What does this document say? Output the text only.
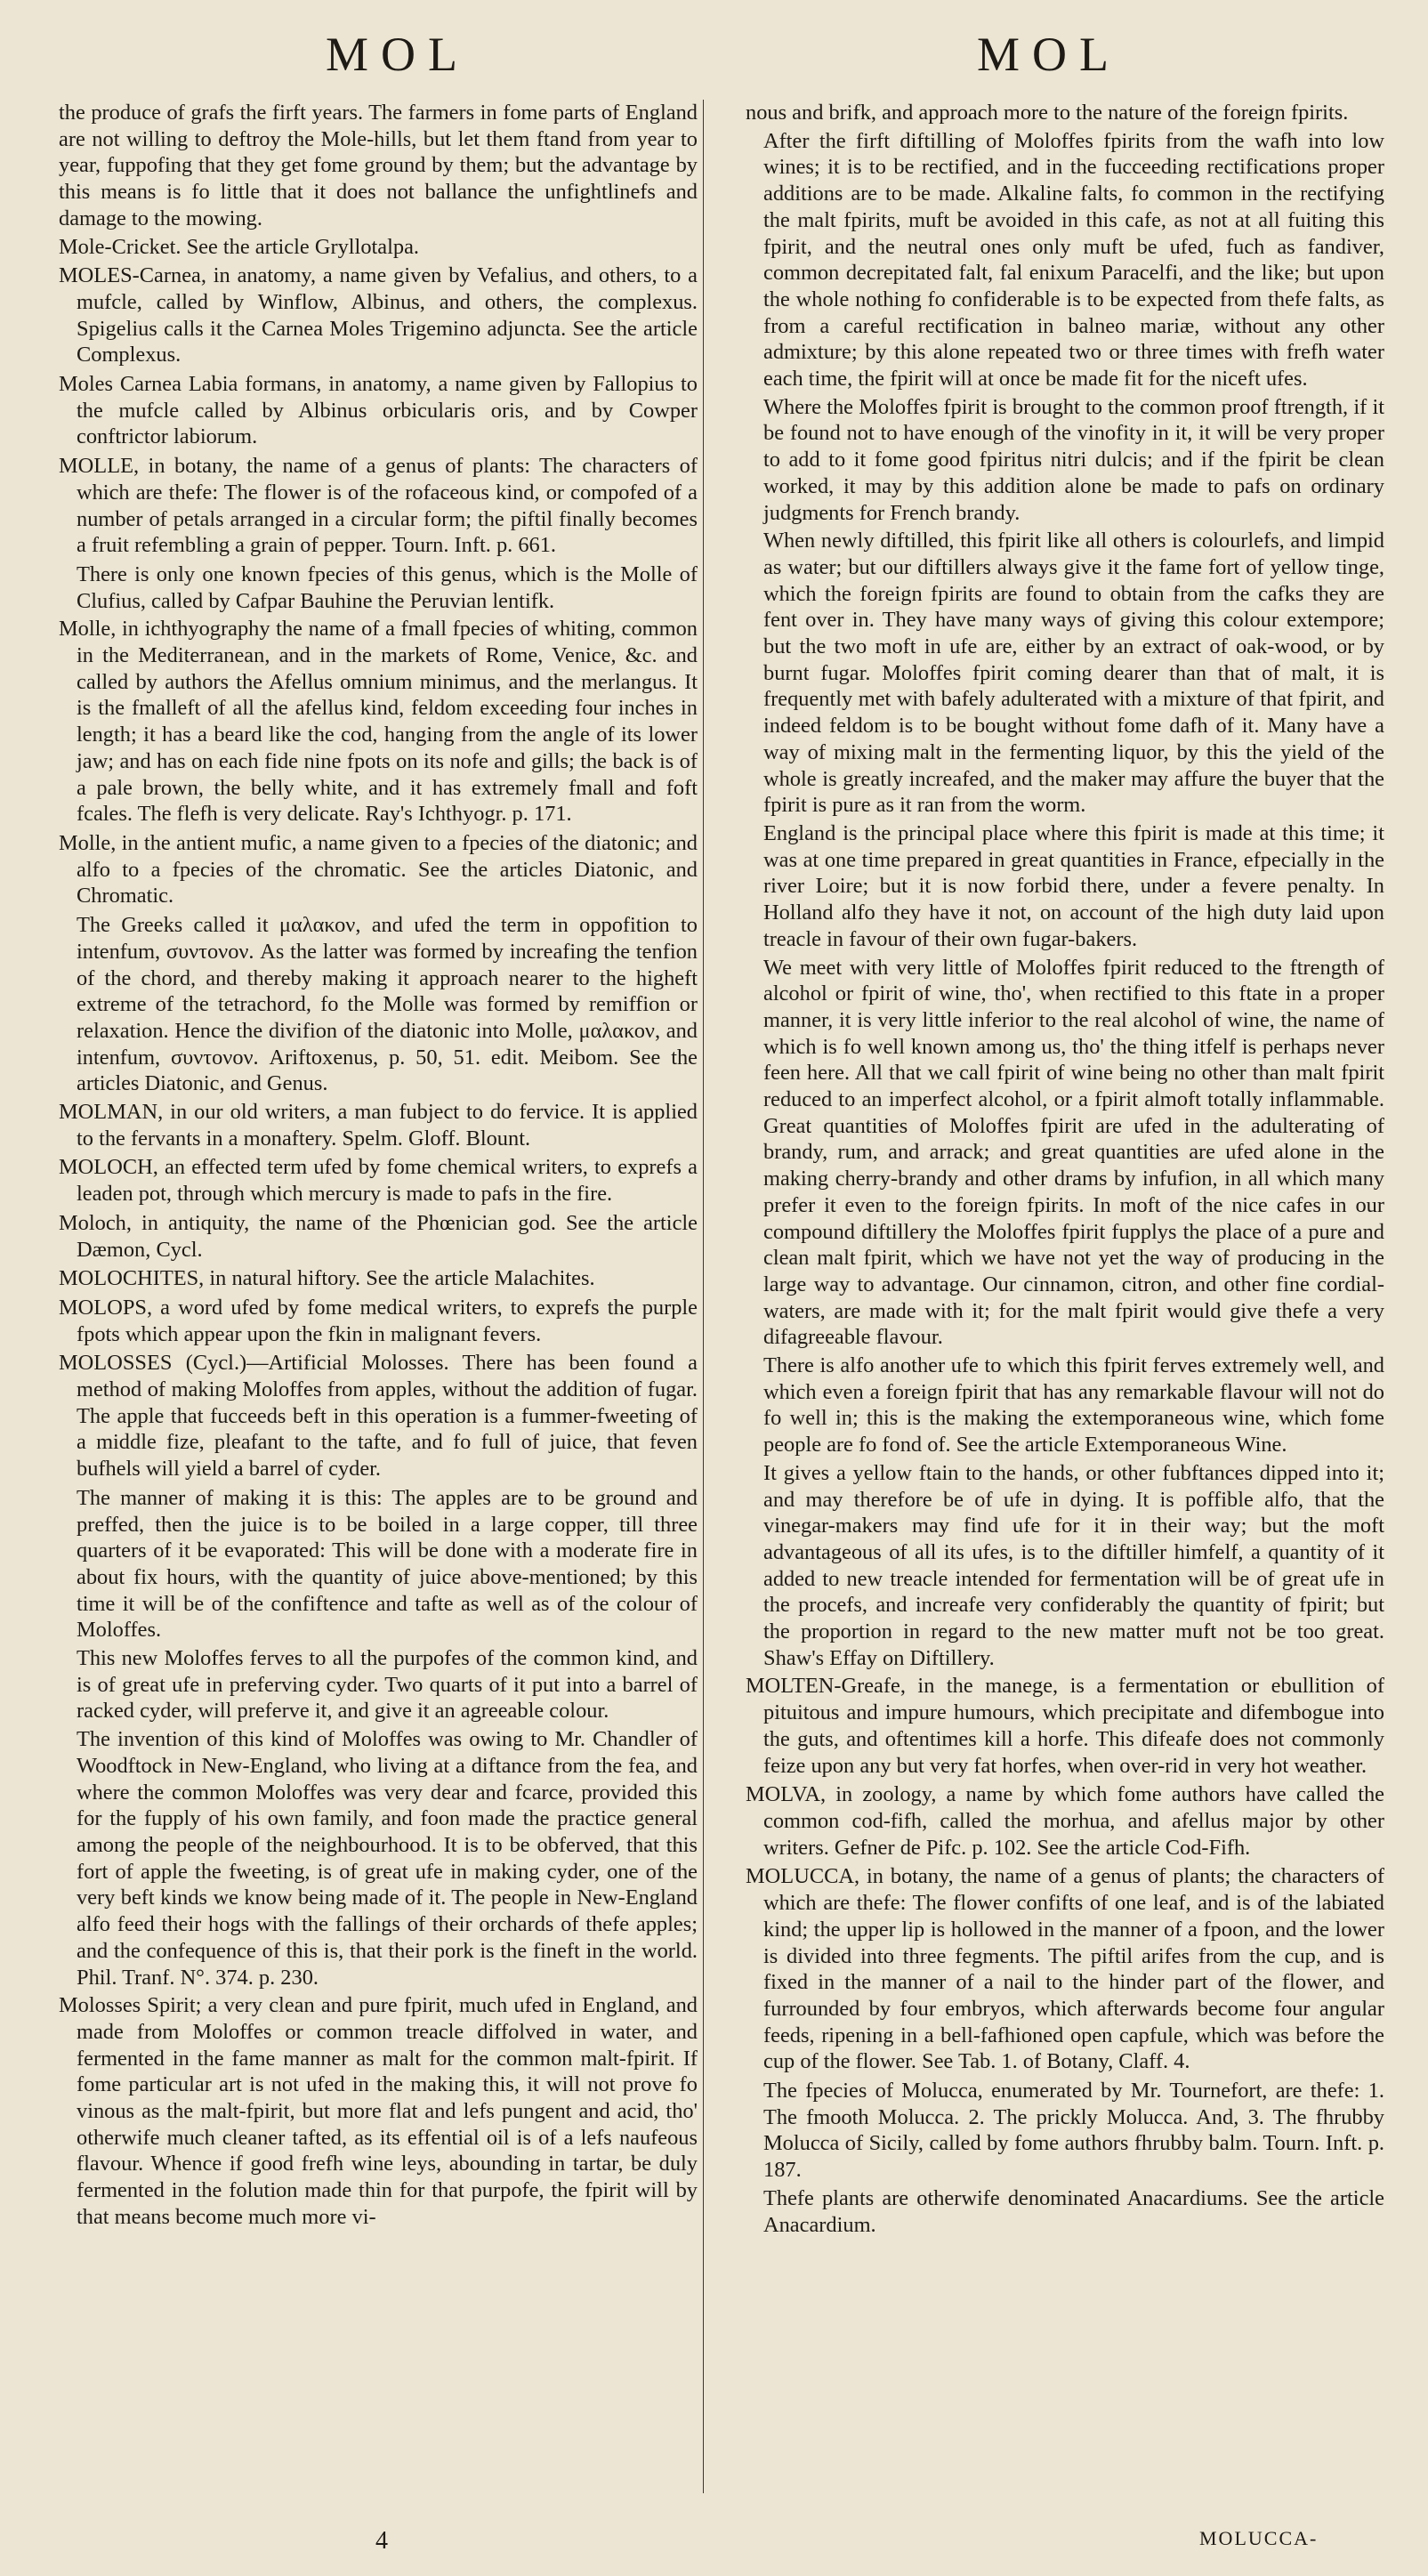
MOL	MOL

the produce of grafs the firft years. The farmers in fome parts of England are not willing to deftroy the Mole-hills, but let them ftand from year to year, fuppofing that they get fome ground by them; but the advantage by this means is fo little that it does not ballance the unfightlinefs and damage to the mowing.

Mole-Cricket. See the article Gryllotalpa.

MOLES-Carnea, in anatomy, a name given by Vefalius, and others, to a mufcle, called by Winflow, Albinus, and others, the complexus. Spigelius calls it the Carnea Moles Trigemino adjuncta. See the article Complexus.

Moles Carnea Labia formans, in anatomy, a name given by Fallopius to the mufcle called by Albinus orbicularis oris, and by Cowper conftrictor labiorum.

MOLLE, in botany, the name of a genus of plants: The characters of which are thefe: The flower is of the rofaceous kind, or compofed of a number of petals arranged in a circular form; the piftil finally becomes a fruit refembling a grain of pepper. Tourn. Inft. p. 661.

There is only one known fpecies of this genus, which is the Molle of Clufius, called by Cafpar Bauhine the Peruvian lentifk.

Molle, in ichthyography the name of a fmall fpecies of whiting, common in the Mediterranean, and in the markets of Rome, Venice, &c. and called by authors the Afellus omnium minimus, and the merlangus. It is the fmalleft of all the afellus kind, feldom exceeding four inches in length; it has a beard like the cod, hanging from the angle of its lower jaw; and has on each fide nine fpots on its nofe and gills; the back is of a pale brown, the belly white, and it has extremely fmall and foft fcales. The flefh is very delicate. Ray's Ichthyogr. p. 171.

Molle, in the antient mufic, a name given to a fpecies of the diatonic; and alfo to a fpecies of the chromatic. See the articles Diatonic, and Chromatic.

The Greeks called it μαλακον, and ufed the term in oppofition to intenfum, συντονον. As the latter was formed by increafing the tenfion of the chord, and thereby making it approach nearer to the higheft extreme of the tetrachord, fo the Molle was formed by remiffion or relaxation. Hence the divifion of the diatonic into Molle, μαλακον, and intenfum, συντονον. Ariftoxenus, p. 50, 51. edit. Meibom. See the articles Diatonic, and Genus.

MOLMAN, in our old writers, a man fubject to do fervice. It is applied to the fervants in a monaftery. Spelm. Gloff. Blount.

MOLOCH, an effected term ufed by fome chemical writers, to exprefs a leaden pot, through which mercury is made to pafs in the fire.

Moloch, in antiquity, the name of the Phœnician god. See the article Dæmon, Cycl.

MOLOCHITES, in natural hiftory. See the article Malachites.

MOLOPS, a word ufed by fome medical writers, to exprefs the purple fpots which appear upon the fkin in malignant fevers.

MOLOSSES (Cycl.)—Artificial Molosses. There has been found a method of making Moloffes from apples, without the addition of fugar. The apple that fucceeds beft in this operation is a fummer-fweeting of a middle fize, pleafant to the tafte, and fo full of juice, that feven bufhels will yield a barrel of cyder.

The manner of making it is this: The apples are to be ground and preffed, then the juice is to be boiled in a large copper, till three quarters of it be evaporated: This will be done with a moderate fire in about fix hours, with the quantity of juice above-mentioned; by this time it will be of the confiftence and tafte as well as of the colour of Moloffes.

This new Moloffes ferves to all the purpofes of the common kind, and is of great ufe in preferving cyder. Two quarts of it put into a barrel of racked cyder, will preferve it, and give it an agreeable colour.

The invention of this kind of Moloffes was owing to Mr. Chandler of Woodftock in New-England, who living at a diftance from the fea, and where the common Moloffes was very dear and fcarce, provided this for the fupply of his own family, and foon made the practice general among the people of the neighbourhood. It is to be obferved, that this fort of apple the fweeting, is of great ufe in making cyder, one of the very beft kinds we know being made of it. The people in New-England alfo feed their hogs with the fallings of their orchards of thefe apples; and the confequence of this is, that their pork is the fineft in the world. Phil. Tranf. N°. 374. p. 230.

Molosses Spirit; a very clean and pure fpirit, much ufed in England, and made from Moloffes or common treacle diffolved in water, and fermented in the fame manner as malt for the common malt-fpirit. If fome particular art is not ufed in the making this, it will not prove fo vinous as the malt-fpirit, but more flat and lefs pungent and acid, tho' otherwife much cleaner tafted, as its effential oil is of a lefs naufeous flavour. Whence if good frefh wine leys, abounding in tartar, be duly fermented in the folution made thin for that purpofe, the fpirit will by that means become much more vi-

nous and brifk, and approach more to the nature of the foreign fpirits.

After the firft diftilling of Moloffes fpirits from the wafh into low wines; it is to be rectified, and in the fucceeding rectifications proper additions are to be made. Alkaline falts, fo common in the rectifying the malt fpirits, muft be avoided in this cafe, as not at all fuiting this fpirit, and the neutral ones only muft be ufed, fuch as fandiver, common decrepitated falt, fal enixum Paracelfi, and the like; but upon the whole nothing fo confiderable is to be expected from thefe falts, as from a careful rectification in balneo mariæ, without any other admixture; by this alone repeated two or three times with frefh water each time, the fpirit will at once be made fit for the niceft ufes.

Where the Moloffes fpirit is brought to the common proof ftrength, if it be found not to have enough of the vinofity in it, it will be very proper to add to it fome good fpiritus nitri dulcis; and if the fpirit be clean worked, it may by this addition alone be made to pafs on ordinary judgments for French brandy.

When newly diftilled, this fpirit like all others is colourlefs, and limpid as water; but our diftillers always give it the fame fort of yellow tinge, which the foreign fpirits are found to obtain from the cafks they are fent over in. They have many ways of giving this colour extempore; but the two moft in ufe are, either by an extract of oak-wood, or by burnt fugar. Moloffes fpirit coming dearer than that of malt, it is frequently met with bafely adulterated with a mixture of that fpirit, and indeed feldom is to be bought without fome dafh of it. Many have a way of mixing malt in the fermenting liquor, by this the yield of the whole is greatly increafed, and the maker may affure the buyer that the fpirit is pure as it ran from the worm.

England is the principal place where this fpirit is made at this time; it was at one time prepared in great quantities in France, efpecially in the river Loire; but it is now forbid there, under a fevere penalty. In Holland alfo they have it not, on account of the high duty laid upon treacle in favour of their own fugar-bakers.

We meet with very little of Moloffes fpirit reduced to the ftrength of alcohol or fpirit of wine, tho', when rectified to this ftate in a proper manner, it is very little inferior to the real alcohol of wine, the name of which is fo well known among us, tho' the thing itfelf is perhaps never feen here. All that we call fpirit of wine being no other than malt fpirit reduced to an imperfect alcohol, or a fpirit almoft totally inflammable. Great quantities of Moloffes fpirit are ufed in the adulterating of brandy, rum, and arrack; and great quantities are ufed alone in the making cherry-brandy and other drams by infufion, in all which many prefer it even to the foreign fpirits. In moft of the nice cafes in our compound diftillery the Moloffes fpirit fupplys the place of a pure and clean malt fpirit, which we have not yet the way of producing in the large way to advantage. Our cinnamon, citron, and other fine cordial-waters, are made with it; for the malt fpirit would give thefe a very difagreeable flavour.

There is alfo another ufe to which this fpirit ferves extremely well, and which even a foreign fpirit that has any remarkable flavour will not do fo well in; this is the making the extemporaneous wine, which fome people are fo fond of. See the article Extemporaneous Wine.

It gives a yellow ftain to the hands, or other fubftances dipped into it; and may therefore be of ufe in dying. It is poffible alfo, that the vinegar-makers may find ufe for it in their way; but the moft advantageous of all its ufes, is to the diftiller himfelf, a quantity of it added to new treacle intended for fermentation will be of great ufe in the procefs, and increafe very confiderably the quantity of fpirit; but the proportion in regard to the new matter muft not be too great. Shaw's Effay on Diftillery.

MOLTEN-Greafe, in the manege, is a fermentation or ebullition of pituitous and impure humours, which precipitate and difembogue into the guts, and oftentimes kill a horfe. This difeafe does not commonly feize upon any but very fat horfes, when over-rid in very hot weather.

MOLVA, in zoology, a name by which fome authors have called the common cod-fifh, called the morhua, and afellus major by other writers. Gefner de Pifc. p. 102. See the article Cod-Fifh.

MOLUCCA, in botany, the name of a genus of plants; the characters of which are thefe: The flower confifts of one leaf, and is of the labiated kind; the upper lip is hollowed in the manner of a fpoon, and the lower is divided into three fegments. The piftil arifes from the cup, and is fixed in the manner of a nail to the hinder part of the flower, and furrounded by four embryos, which afterwards become four angular feeds, ripening in a bell-fafhioned open capfule, which was before the cup of the flower. See Tab. 1. of Botany, Claff. 4.

The fpecies of Molucca, enumerated by Mr. Tournefort, are thefe: 1. The fmooth Molucca. 2. The prickly Molucca. And, 3. The fhrubby Molucca of Sicily, called by fome authors fhrubby balm. Tourn. Inft. p. 187.

Thefe plants are otherwife denominated Anacardiums. See the article Anacardium.

4	MOLUCCA-
